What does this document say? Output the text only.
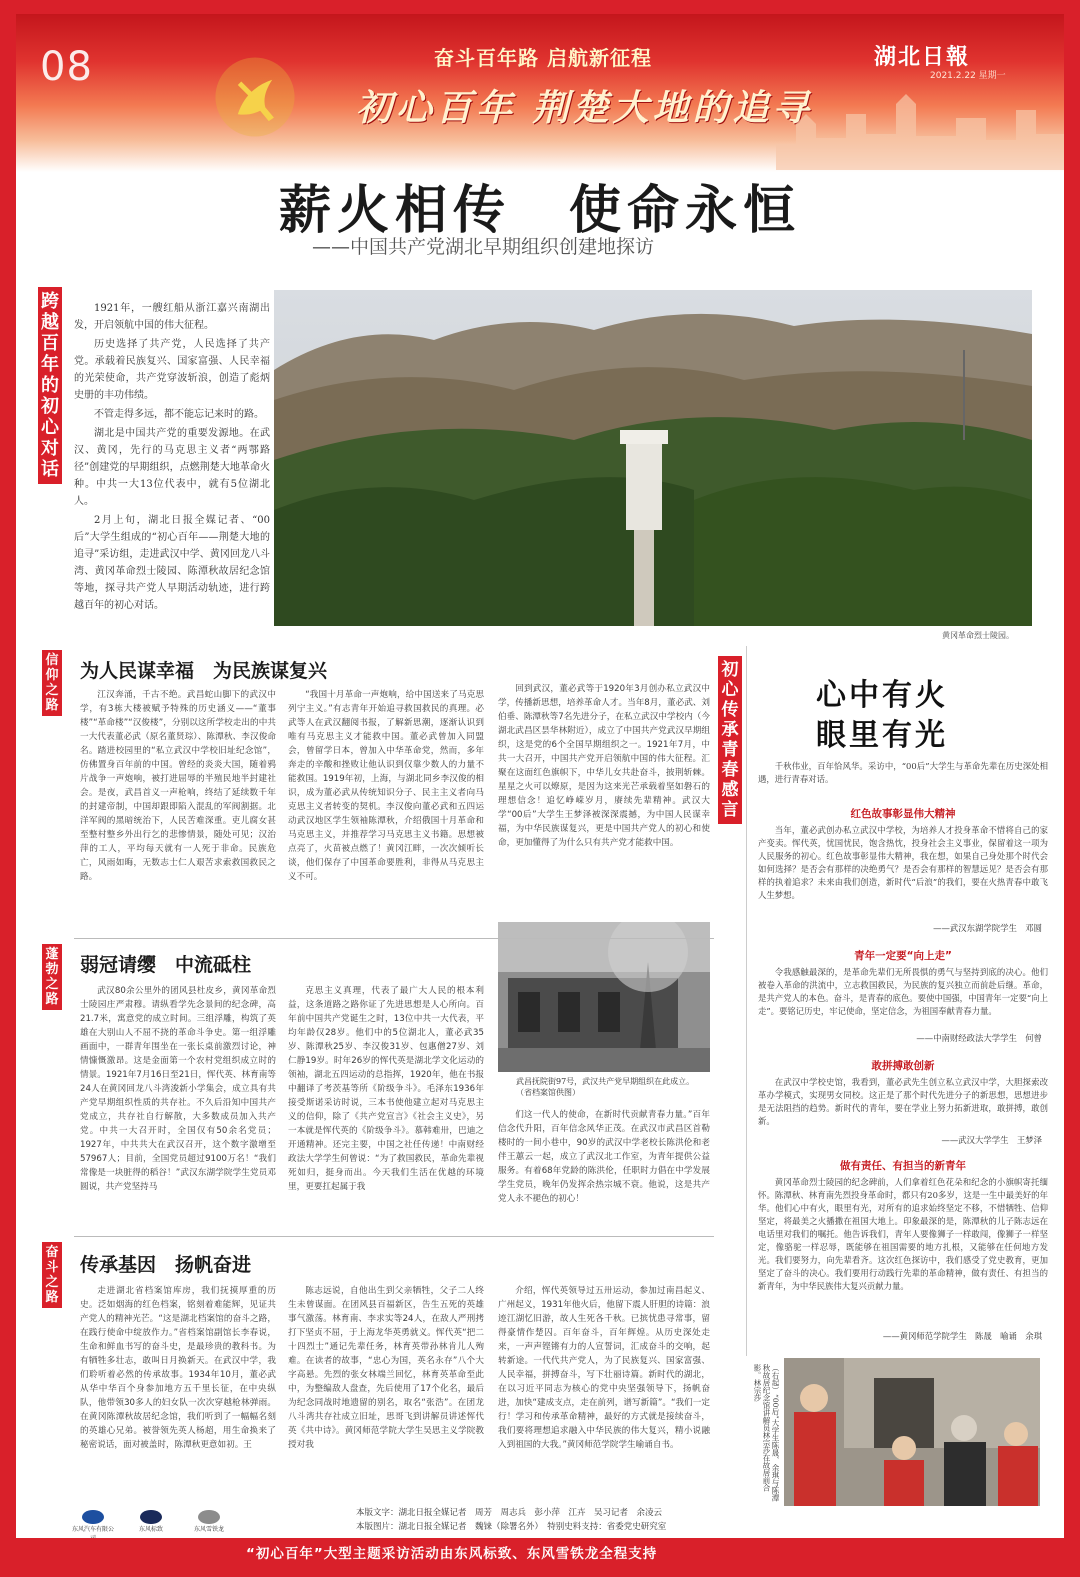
08	奋斗百年路 启航新征程
初心百年 荆楚大地的追寻
湖北日報
2021.2.22 星期一
薪火相传　使命永恒
——中国共产党湖北早期组织创建地探访
跨越百年的初心对话

1921年，一艘红船从浙江嘉兴南湖出发，开启领航中国的伟大征程。

历史选择了共产党，人民选择了共产党。承载着民族复兴、国家富强、人民幸福的光荣使命，共产党穿波斩浪，创造了彪炳史册的丰功伟绩。

不管走得多远，都不能忘记来时的路。

湖北是中国共产党的重要发源地。在武汉、黄冈，先行的马克思主义者“两鄂路径”创建党的早期组织，点燃荆楚大地革命火种。中共一大13位代表中，就有5位湖北人。

2月上旬，湖北日报全媒记者、“00后”大学生组成的“初心百年——荆楚大地的追寻”采访组，走进武汉中学、黄冈回龙八斗湾、黄冈革命烈士陵园、陈潭秋故居纪念馆等地，探寻共产党人早期活动轨迹，进行跨越百年的初心对话。

黄冈革命烈士陵园。
信仰之路
为人民谋幸福　为民族谋复兴

江汉奔涌，千古不绝。武昌蛇山脚下的武汉中学，有3栋大楼被赋予特殊的历史涵义——“董事楼”“革命楼”“汉俊楼”，分别以这所学校走出的中共一大代表董必武（原名董贤琮）、陈潭秋、李汉俊命名。踏进校园里的“私立武汉中学校旧址纪念馆”，仿佛置身百年前的中国。曾经的炎炎大国，随着鸦片战争一声炮响，被打进屈辱的半殖民地半封建社会。是夜，武昌首义一声枪响，终结了延续数千年的封建帝制，中国却跟即陷入混乱的军阀割据。北洋军阀的黑暗统治下，人民苦难深重。吏儿腐女甚至整村整乡外出行乞的悲惨情景，随处可见；汉治萍的工人，平均每天就有一人死于非命。民族危亡，风雨如晦，无数志士仁人艰苦求索救国救民之路。

“我国十月革命一声炮响，给中国送来了马克思列宁主义。”有志青年开始追寻救国救民的真理。必武等人在武汉翻阅书报，了解新思潮，逐渐认识到唯有马克思主义才能救中国。董必武曾加入同盟会，曾留学日本，曾加入中华革命党，然而，多年奔走的辛酸和挫败让他认识到仅靠少数人的力量不能救国。1919年初，上海，与湖北同乡李汉俊的相识，成为董必武从传统知识分子、民主主义者向马克思主义者转变的契机。李汉俊向董必武和五四运动武汉地区学生领袖陈潭秋，介绍俄国十月革命和马克思主义，并推荐学习马克思主义书籍。思想被点亮了，火苗被点燃了！黄冈江畔，一次次倾听长谈，他们保存了中国革命要胜利，非得从马克思主义不可。

回到武汉，董必武等于1920年3月创办私立武汉中学，传播新思想，培养革命人才。当年8月，董必武、刘伯垂、陈潭秋等7名先进分子，在私立武汉中学校内（今湖北武昌区昙华林附近），成立了中国共产党武汉早期组织，这是党的6个全国早期组织之一。1921年7月，中共一大召开，中国共产党开启领航中国的伟大征程。汇聚在这面红色旗帜下，中华儿女共赴奋斗，披荆斩棘。星星之火可以燎原，是因为这来光芒承载着坚如磐石的理想信念！追忆峥嵘岁月，赓续先辈精神。武汉大学“00后”大学生王梦泽被深深震撼，为中国人民谋幸福，为中华民族谋复兴，更是中国共产党人的初心和使命，更加懂得了为什么只有共产党才能救中国。

蓬勃之路
弱冠请缨　中流砥柱

武汉80余公里外的团风县杜皮乡，黄冈革命烈士陵园庄严肃穆。请纵看学先念景间的纪念碑，高21.7米，寓意党的成立时间。三组浮雕，构筑了英雄在大别山人不屈不挠的革命斗争史。第一组浮雕画面中，一群青年围坐在一张长桌前激烈讨论，神情慷慨激昂。这是金面第一个农村党组织成立时的情景。1921年7月16日至21日，恽代英、林育南等24人在黄冈回龙八斗湾浚新小学集会，成立具有共产党早期组织性质的共存社。不久后沿知中国共产党成立，共存社自行解散，大多数成员加入共产党。中共一大召开时，全国仅有50余名党员；1927年，中共共大在武汉召开，这个数字激增至57967人；目前，全国党员超过9100万名！“我们常像是一块脏得的稻谷！”武汉东湖学院学生党员邓圆说，共产党坚持马

克思主义真理，代表了最广大人民的根本利益，这条道路之路你证了先进思想是人心所向。百年前中国共产党诞生之时，13位中共一大代表，平均年龄仅28岁。他们中的5位湖北人，董必武35岁、陈潭秋25岁、李汉俊31岁、包惠僧27岁、刘仁静19岁。时年26岁的恽代英是湖北学文化运动的领袖，湖北五四运动的总指挥，1920年，他在书报中翻译了考茨基等所《阶级争斗》。毛泽东1936年接受斯诺采访时说，三本书使他建立起对马克思主义的信仰，除了《共产党宣言》《社会主义史》，另一本就是恽代英的《阶级争斗》。慕韩难卅，巴迪之开通精神。还完主要，中国之社任传递！中南财经政法大学学生何曾说：“为了救国救民，革命先辈视死如归，挺身而出。今天我们生活在优越的环境里，更要扛起属于我

武昌抚院街97号，武汉共产党早期组织在此成立。（省档案馆供图）

们这一代人的使命，在新时代贡献青春力量。”百年信念代升阳，百年信念风华正茂。在武汉市武昌区首勒楼时的一间小巷中，90岁的武汉中学老校长陈洪伦和老伴王蕙云一起，成立了武汉北工作室，为青年提供公益服务。有着68年党龄的陈洪伦，任职时力倡在中学发展学生党员，晚年仍发挥余热宗城不衰。他说，这是共产党人永不褪色的初心！

奋斗之路
传承基因　扬帆奋进

走进湖北省档案馆库房，我们抚摸厚重的历史。泛如烟海的红色档案，铭刻着难能辉，见证共产党人的精神光芒。“这是湖北档案馆的奋斗之路，在践行使命中绽放作力。”省档案馆副馆长李春说，生命和鲜血书写的奋斗史，是最珍贵的教科书。为有牺牲多壮志，敢叫日月换新天。在武汉中学，我们聆听着必然的传承故事。1934年10月，董必武从华中华百个身参加地方五千里长征，在中央纵队，他带领30多人的妇女队一次次穿越枪林弹雨。在黄冈陈潭秋故居纪念馆，我们听到了一幅幅名刻的英雄心兄弟。被誉领先英人杨超，用生命换来了秘密说话，面对被盖时，陈潭秋更意如初。王

陈志远说，自他出生到父亲牺牲，父子二人终生未曾谋面。在团风县百福新区，告生五死的英雄事气激荡。林育南、李求实等24人，在敌人严刑拷打下坚贞不屈，于上海龙华英勇就义。恽代英“把二十四烈士”通记先辈任务，林育英带孙林肯儿人殉难。在读者的故事，“忠心为国，英名永存”八个大字高悬。先烈的张女林端兰回忆，林育英革命至此中，为整编敌人盘查，先后使用了17个化名，最后为纪念同战时地遗留的别名，取名“张浩”。在团龙八斗湾共存社成立旧址，思哥飞到讲解员讲述恽代英《共中诗》。黄冈师范学院大学生吴思主义学院教授对我

介绍，恽代英领导过五卅运动，参加过南昌起义、广州起义，1931年他火后，他留下震人肝胆的诗篇：浪迹江湖忆旧游，故人生死各千秋。已摈忧患寻常事，留得豪情作楚囚。百年奋斗，百年辉煌。从历史深处走来，一声声铿锵有力的人宣誓词，汇成奋斗的交响，起转新途。一代代共产党人，为了民族复兴、国家富强、人民幸福，拼搏奋斗，写下壮丽诗篇。新时代的湖北，在以习近平同志为核心的党中央坚强领导下，扬帆奋进，加快“建成支点，走在前列，谱写新篇”。“我们一定行！学习和传承革命精神，最好的方式就是接续奋斗，我们要将理想追求融入中华民族的伟大复兴，精小说融入到祖国的大我。”黄冈师范学院学生喻诵自书。

初心传承青春感言
心中有火
眼里有光

千秋伟业，百年恰风华。采访中，“00后”大学生与革命先辈在历史深处相遇，进行青春对话。

红色故事彰显伟大精神

当年，董必武创办私立武汉中学校，为培养人才投身革命不惜将自己的家产变卖。恽代英，忧国忧民，饱含热忱，投身社会主义事业，保留着这一项为人民服务的初心。红色故事彰显伟大精神，我在想，如果自己身处那个时代会如何选择？是否会有那样的决绝勇气？是否会有那样的智慧远见？是否会有那样的执着追求？未来由我们创造，新时代“后浪”的我们，要在火热青春中敢飞人生梦想。

——武汉东湖学院学生　邓圆
青年一定要“向上走”

令我感触最深的，是革命先辈们无所畏惧的勇气与坚持到底的决心。他们被卷入革命的洪流中，立志救国救民，为民族的复兴独立而前赴后继。革命，是共产党人的本色。奋斗，是青春的底色。要使中国强，中国青年一定要“向上走”。要铭记历史，牢记使命，坚定信念，为祖国奉献青春力量。

——中南财经政法大学学生　何曾
敢拼搏敢创新

在武汉中学校史馆，我看到，董必武先生创立私立武汉中学，大胆探索改革办学模式，实现男女同校。这正是了那个时代先进分子的新思想，思想进步是无法阻挡的趋势。新时代的青年，要在学业上努力拓新进取，敢拼搏，敢创新。

——武汉大学学生　王梦泽
做有责任、有担当的新青年

黄冈革命烈士陵园的纪念碑前，人们拿着红色花朵和纪念的小旗帜寄托缅怀。陈潭秋、林育南先烈投身革命时，都只有20多岁，这是一生中最美好的年华。他们心中有火，眼里有光，对所有的追求始终坚定不移，不惜牺牲、信仰坚定，将最美之火播撒在祖国大地上。印象最深的是，陈潭秋的儿子陈志远在电话里对我们的嘱托。他告诉我们，青年人要像狮子一样敢闯，像狮子一样坚定，像骆驼一样忍辱，既能够在祖国需要的地方扎根，又能够在任何地方发光。我们要努力，向先辈看齐。这次红色探访中，我们感受了党史教育，更加坚定了奋斗的决心。我们要用行动践行先辈的革命精神，做有责任、有担当的新青年，为中华民族伟大复兴贡献力量。

——黄冈师范学院学生　陈晟　喻诵　余琪
（右起）“00后”大学生陈晟、余琪与陈潭秋故居纪念馆讲解员林宗莎在故居前合影。林宗莎
本版文字：湖北日报全媒记者　周芳　周志兵　彭小萍　江卉　吴习记者　余凌云
本版图片：湖北日报全媒记者　魏铼（除署名外）　特别史料支持：省委党史研究室
东风汽车有限公	东风标致	东风雪铁龙
“初心百年”大型主题采访活动由东风标致、东风雪铁龙全程支持
